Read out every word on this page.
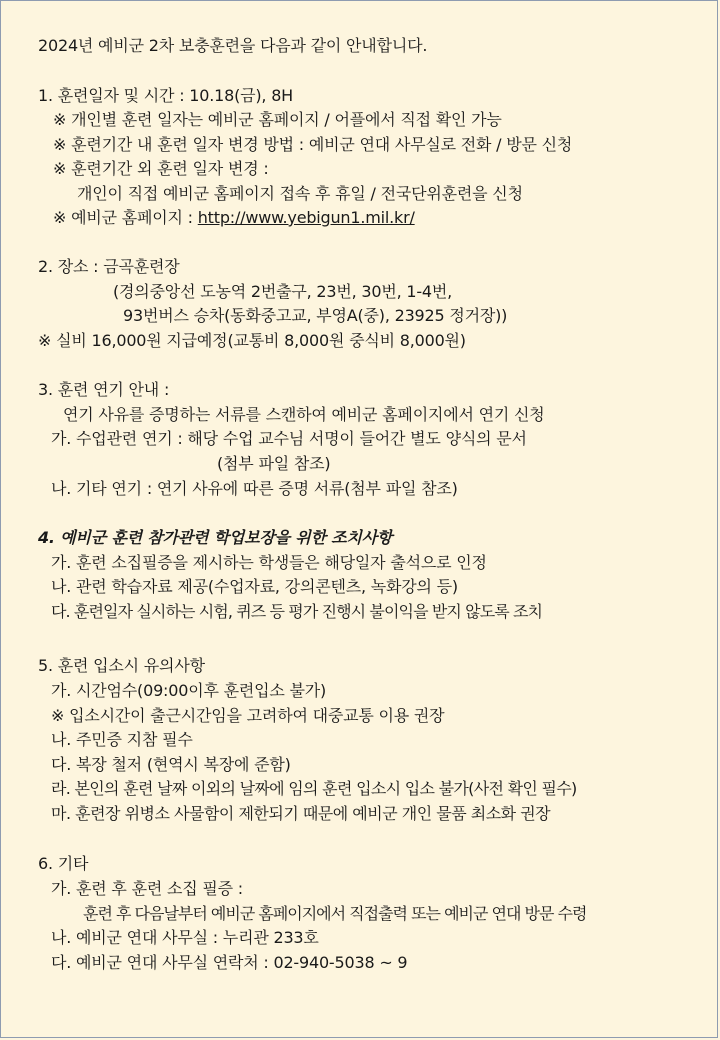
2024년 예비군 2차 보충훈련을 다음과 같이 안내합니다.
1. 훈련일자 및 시간 : 10.18(금), 8H
※ 개인별 훈련 일자는 예비군 홈페이지 / 어플에서 직접 확인 가능
※ 훈련기간 내 훈련 일자 변경 방법 : 예비군 연대 사무실로 전화 / 방문 신청
※ 훈련기간 외 훈련 일자 변경 :
개인이 직접 예비군 홈페이지 접속 후 휴일 / 전국단위훈련을 신청
※ 예비군 홈페이지 : http://www.yebigun1.mil.kr/
2. 장소 : 금곡훈련장
(경의중앙선 도농역 2번출구, 23번, 30번, 1-4번,
93번버스 승차(동화중고교, 부영A(중), 23925 정거장))
※ 실비 16,000원 지급예정(교통비 8,000원 중식비 8,000원)
3. 훈련 연기 안내 :
연기 사유를 증명하는 서류를 스캔하여 예비군 홈페이지에서 연기 신청
가. 수업관련 연기 : 해당 수업 교수님 서명이 들어간 별도 양식의 문서
(첨부 파일 참조)
나. 기타 연기 : 연기 사유에 따른 증명 서류(첨부 파일 참조)
4. 예비군 훈련 참가관련 학업보장을 위한 조치사항
가. 훈련 소집필증을 제시하는 학생들은 해당일자 출석으로 인정
나. 관련 학습자료 제공(수업자료, 강의콘텐츠, 녹화강의 등)
다. 훈련일자 실시하는 시험, 퀴즈 등 평가 진행시 불이익을 받지 않도록 조치
5. 훈련 입소시 유의사항
가. 시간엄수(09:00이후 훈련입소 불가)
※ 입소시간이 출근시간임을 고려하여 대중교통 이용 권장
나. 주민증 지참 필수
다. 복장 철저 (현역시 복장에 준함)
라. 본인의 훈련 날짜 이외의 날짜에 임의 훈련 입소시 입소 불가(사전 확인 필수)
마. 훈련장 위병소 사물함이 제한되기 때문에 예비군 개인 물품 최소화 권장
6. 기타
가. 훈련 후 훈련 소집 필증 :
훈련 후 다음날부터 예비군 홈페이지에서 직접출력 또는 예비군 연대 방문 수령
나. 예비군 연대 사무실 : 누리관 233호
다. 예비군 연대 사무실 연락처 : 02-940-5038 ~ 9
